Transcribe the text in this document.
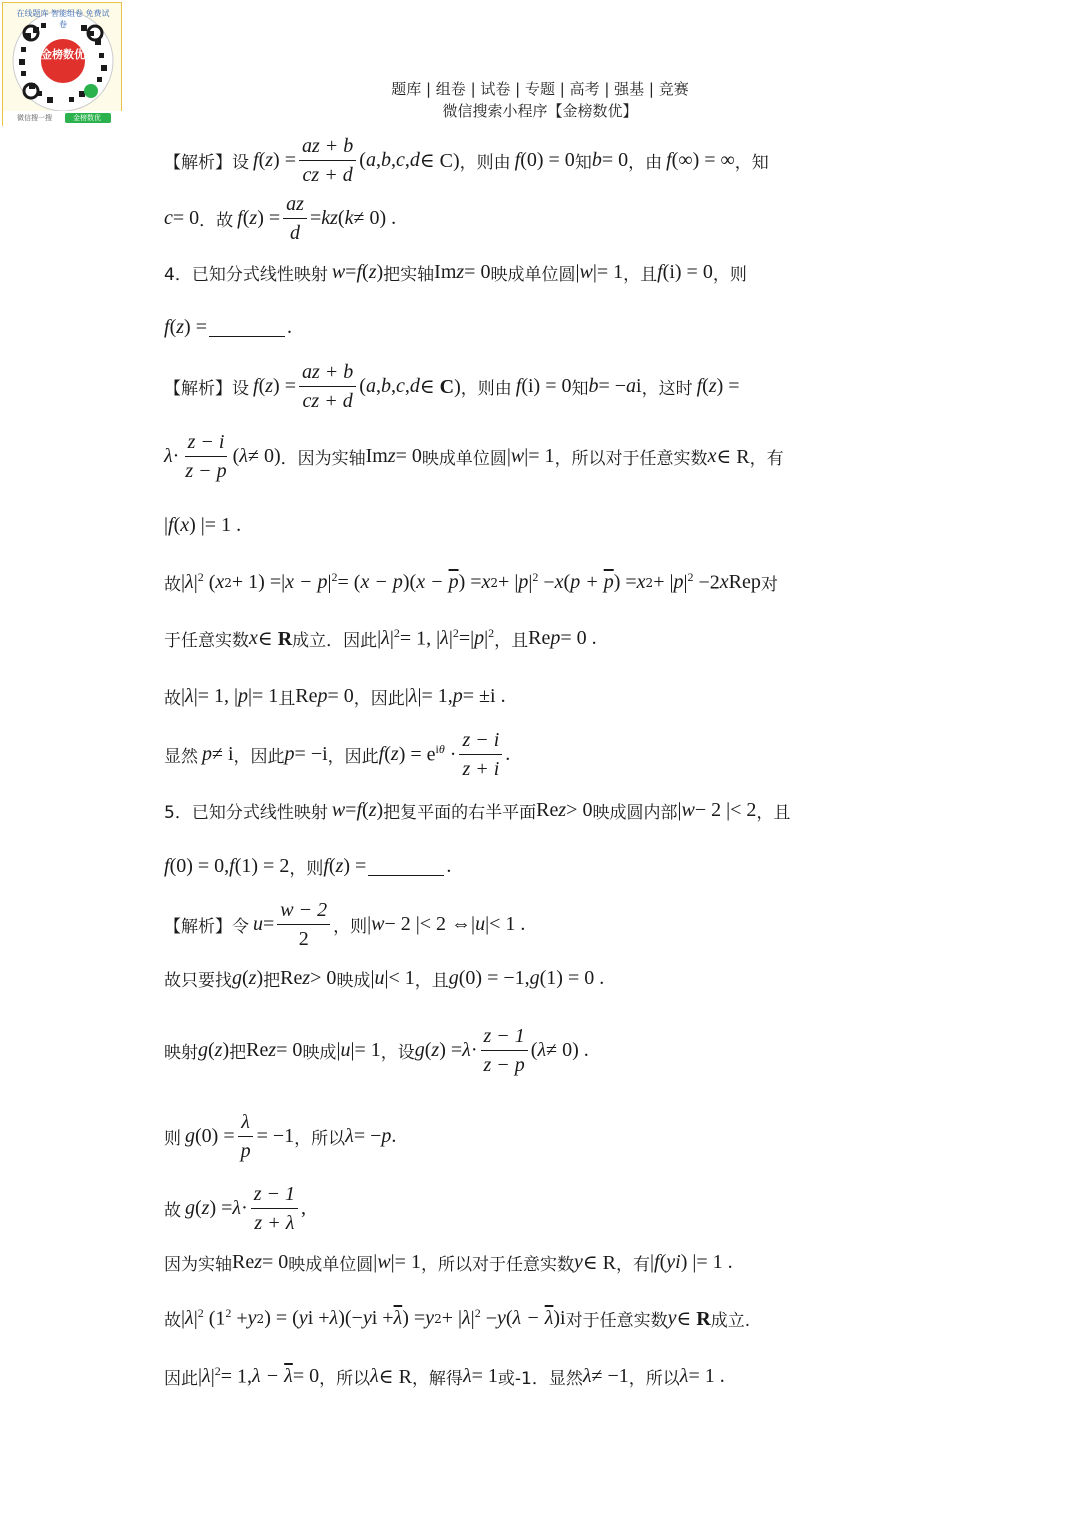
在线题库 智能组卷 免费试卷
金榜数优
微信搜一搜	金榜数优
题库 | 组卷 | 试卷 | 专题 | 高考 | 强基 | 竞赛
微信搜索小程序【金榜数优】
【解析】 设 f ( z ) = $\frac{az + b}{cz + d}$ ( a , b , c , d ∈ C) ，则由 f (0) = 0 知 b = 0 ，由 f (∞) = ∞ ，知
c = 0 ．故 f ( z ) = $\frac{az}{d}$ = kz ( k ≠ 0) .
4．已知分式线性映射 w = f ( z ) 把实轴 Im z = 0 映成单位圆 | w |= 1 ，且 f (i) = 0 ，则
f ( z ) =	.
【解析】 设 f ( z ) = $\frac{az + b}{cz + d}$ ( a , b , c , d ∈ C) ，则由 f (i) = 0 知 b = − a i ，这时 f ( z ) =
$\lambda \cdot \frac{z - i}{z - p}$ ( λ ≠ 0) ．因为实轴 Im z = 0 映成单位圆 | w |= 1 ，所以对于任意实数 x ∈ R ，有
| f ( x ) |= 1 .
故 | λ $|^2$ ( x 2 + 1) =| x − p $|^2=$ ( x − p )( $x - \overline{p}$ ) = x 2 + | p $|^2 - x$ ( $p + \overline{p}$ ) = x 2 + | p $|^2 -2$ x Rep 对
于任意实数 x ∈ R 成立．因此 | λ $|^2= 1$, | λ $|^2=|$ p $|^2$ ，且 Re p = 0 .
故 | λ |= 1, | p |= 1 且 Re p = 0 ，因此 | λ |= 1, p = ±i .
显然 p ≠ i ，因此 p = −i ，因此 f ( z ) = $e^{i\theta} \cdot \frac{z - i}{z + i}$ .
5．已知分式线性映射 w = f ( z ) 把复平面的右半平面 Re z > 0 映成圆内部 | w − 2 |< 2 ，且
f (0) = 0, f (1) = 2 ，则 f ( z ) =	.
【解析】 令 $u = \frac{w - 2}{2}$ ，则 | w − 2 |< 2 ⇔| u |< 1 .
故只要找 g ( z ) 把 Re z > 0 映成 | u |< 1 ，且 g (0) = −1, g (1) = 0 .
映射 g ( z ) 把 Re z = 0 映成 | u |= 1 ，设 g ( z ) = $\lambda \cdot \frac{z - 1}{z - p}$ ( λ ≠ 0) .
则 g $(0) = \frac{\lambda}{p} = -1$ ，所以 λ = − p .
故 g ( z ) = $\lambda \cdot \frac{z - 1}{z + \lambda}$ ,
因为实轴 Re z = 0 映成单位圆 | w |= 1 ，所以对于任意实数 y ∈ R ，有 | f ( yi ) |= 1 .
故 | λ $|^2$ ($1^2 + y$ 2 ) = ( y i + λ )(− y $i + \overline{\lambda}$ ) = y 2 + | λ $|^2 - y$ ( $\lambda - \overline{\lambda}$ )i 对于任意实数 y ∈ R 成立.
因此 | λ $|^2= 1$, $\lambda - \overline{\lambda} = 0$ ，所以 λ ∈ R ，解得 λ = 1 或-1．显然 λ ≠ −1 ，所以 λ = 1 .
